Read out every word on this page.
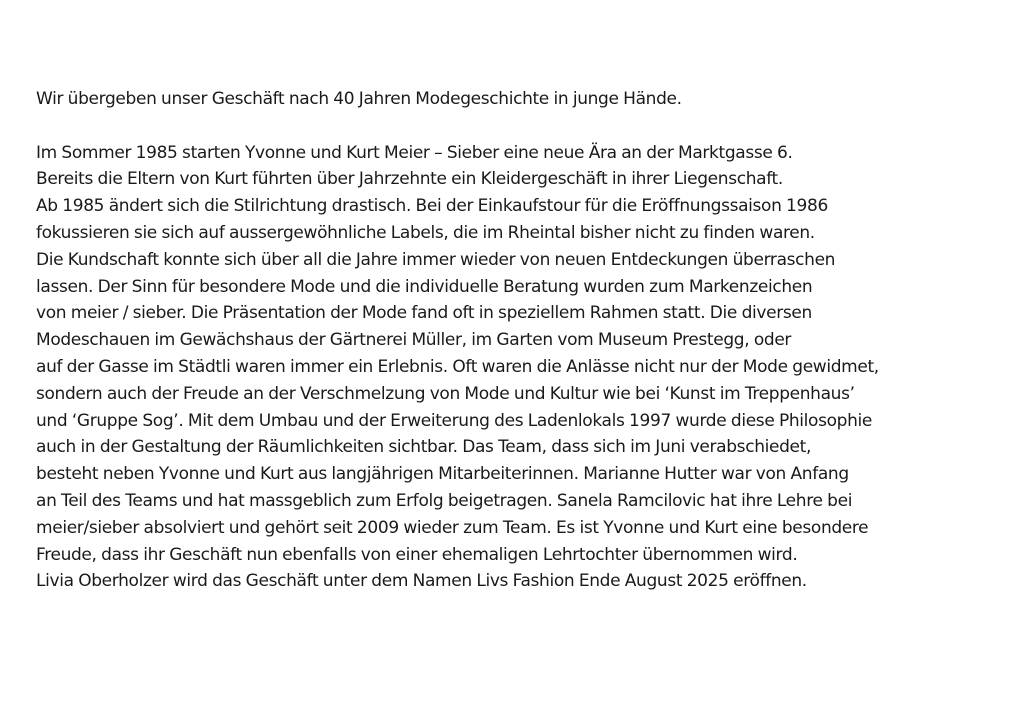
Wir übergeben unser Geschäft nach 40 Jahren Modegeschichte in junge Hände.
Im Sommer 1985 starten Yvonne und Kurt Meier – Sieber eine neue Ära an der Marktgasse 6.
Bereits die Eltern von Kurt führten über Jahrzehnte ein Kleidergeschäft in ihrer Liegenschaft.
Ab 1985 ändert sich die Stilrichtung drastisch. Bei der Einkaufstour für die Eröffnungssaison 1986
fokussieren sie sich auf aussergewöhnliche Labels, die im Rheintal bisher nicht zu finden waren.
Die Kundschaft konnte sich über all die Jahre immer wieder von neuen Entdeckungen überraschen
lassen. Der Sinn für besondere Mode und die individuelle Beratung wurden zum Markenzeichen
von meier / sieber. Die Präsentation der Mode fand oft in speziellem Rahmen statt. Die diversen
Modeschauen im Gewächshaus der Gärtnerei Müller, im Garten vom Museum Prestegg, oder
auf der Gasse im Städtli waren immer ein Erlebnis. Oft waren die Anlässe nicht nur der Mode gewidmet,
sondern auch der Freude an der Verschmelzung von Mode und Kultur wie bei ‘Kunst im Treppenhaus’
und ‘Gruppe Sog’. Mit dem Umbau und der Erweiterung des Ladenlokals 1997 wurde diese Philosophie
auch in der Gestaltung der Räumlichkeiten sichtbar. Das Team, dass sich im Juni verabschiedet,
besteht neben Yvonne und Kurt aus langjährigen Mitarbeiterinnen. Marianne Hutter war von Anfang
an Teil des Teams und hat massgeblich zum Erfolg beigetragen. Sanela Ramcilovic hat ihre Lehre bei
meier/sieber absolviert und gehört seit 2009 wieder zum Team. Es ist Yvonne und Kurt eine besondere
Freude, dass ihr Geschäft nun ebenfalls von einer ehemaligen Lehrtochter übernommen wird.
Livia Oberholzer wird das Geschäft unter dem Namen Livs Fashion Ende August 2025 eröffnen.
